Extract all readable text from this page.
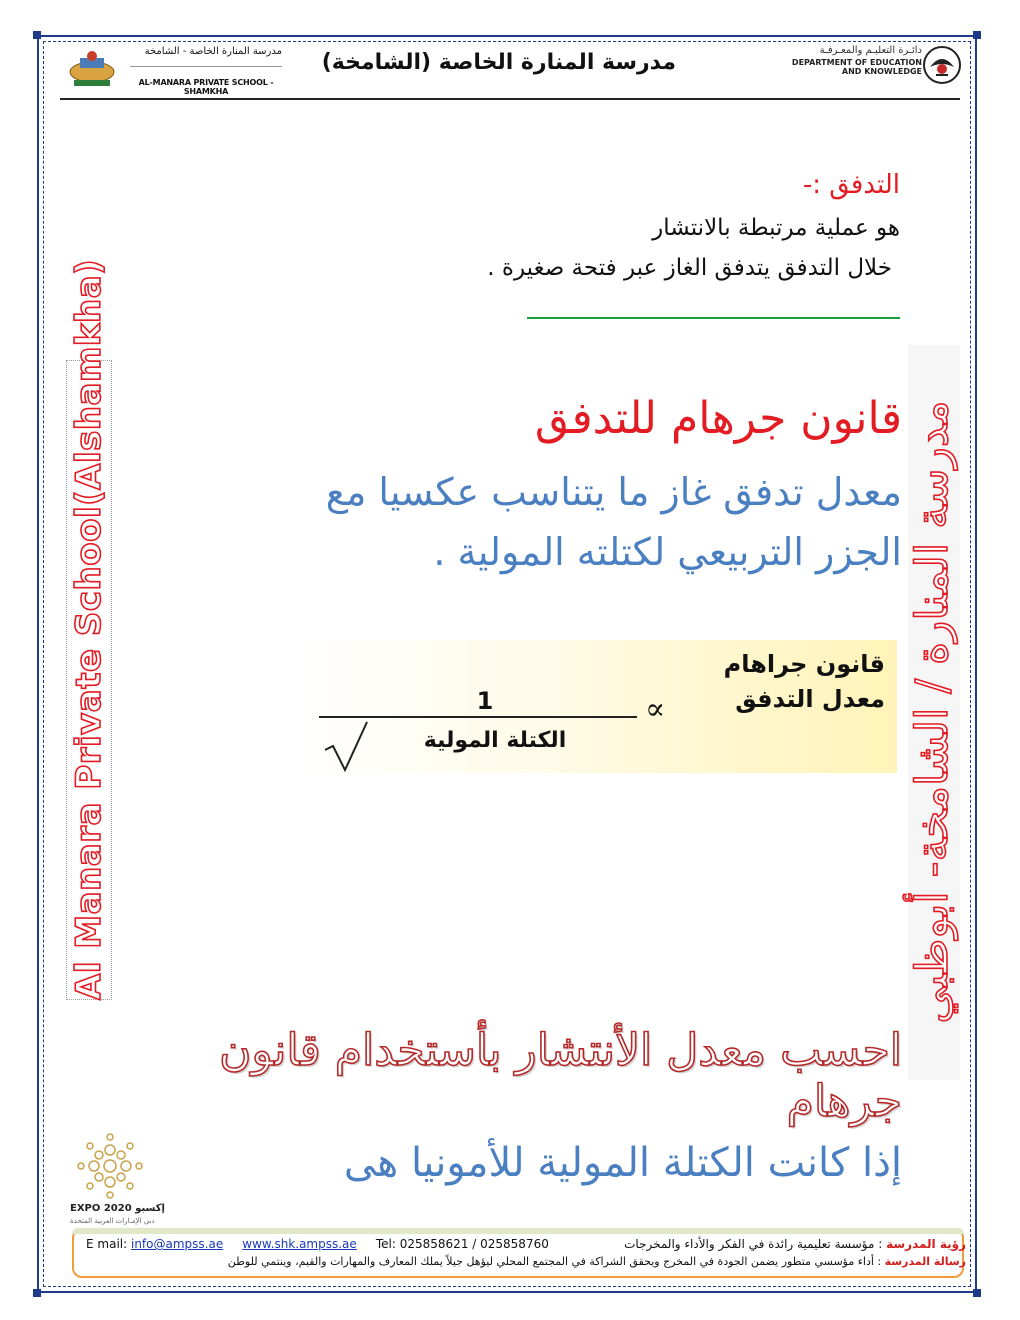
مدرسة المنارة الخاصة - الشامخة
AL-MANARA PRIVATE SCHOOL - SHAMKHA
مدرسة المنارة الخاصة (الشامخة)	دائـرة التعليـم والمعـرفـة
DEPARTMENT OF EDUCATION
AND KNOWLEDGE
التدفق :-
هو عملية مرتبطة بالانتشار
خلال التدفق يتدفق الغاز عبر فتحة صغيرة .
قانون جرهام للتدفق
معدل تدفق غاز ما يتناسب عكسيا مع
الجزر التربيعي لكتلته المولية .
قانون جراهام
معدل التدفق
∝
1
الكتلة المولية
Al Manara Private School(Alshamkha)	مدرسة المنارة / الشامخة- أبوظبي
احسب معدل الأنتشار بأستخدام قانون جرهام
إذا كانت الكتلة المولية للأمونيا هى
EXPO 2020 إكسبو
دبي الإمـارات العربية المتحدة
E mail: info@ampss.ae www.shk.ampss.ae Tel: 025858621 / 025858760	رؤية المدرسة : مؤسسة تعليمية رائدة في الفكر والأداء والمخرجات
رسالة المدرسة : أداء مؤسسي متطور يضمن الجودة في المخرج ويحقق الشراكة في المجتمع المحلي ليؤهل جيلاً يملك المعارف والمهارات والقيم، وينتمي للوطن
